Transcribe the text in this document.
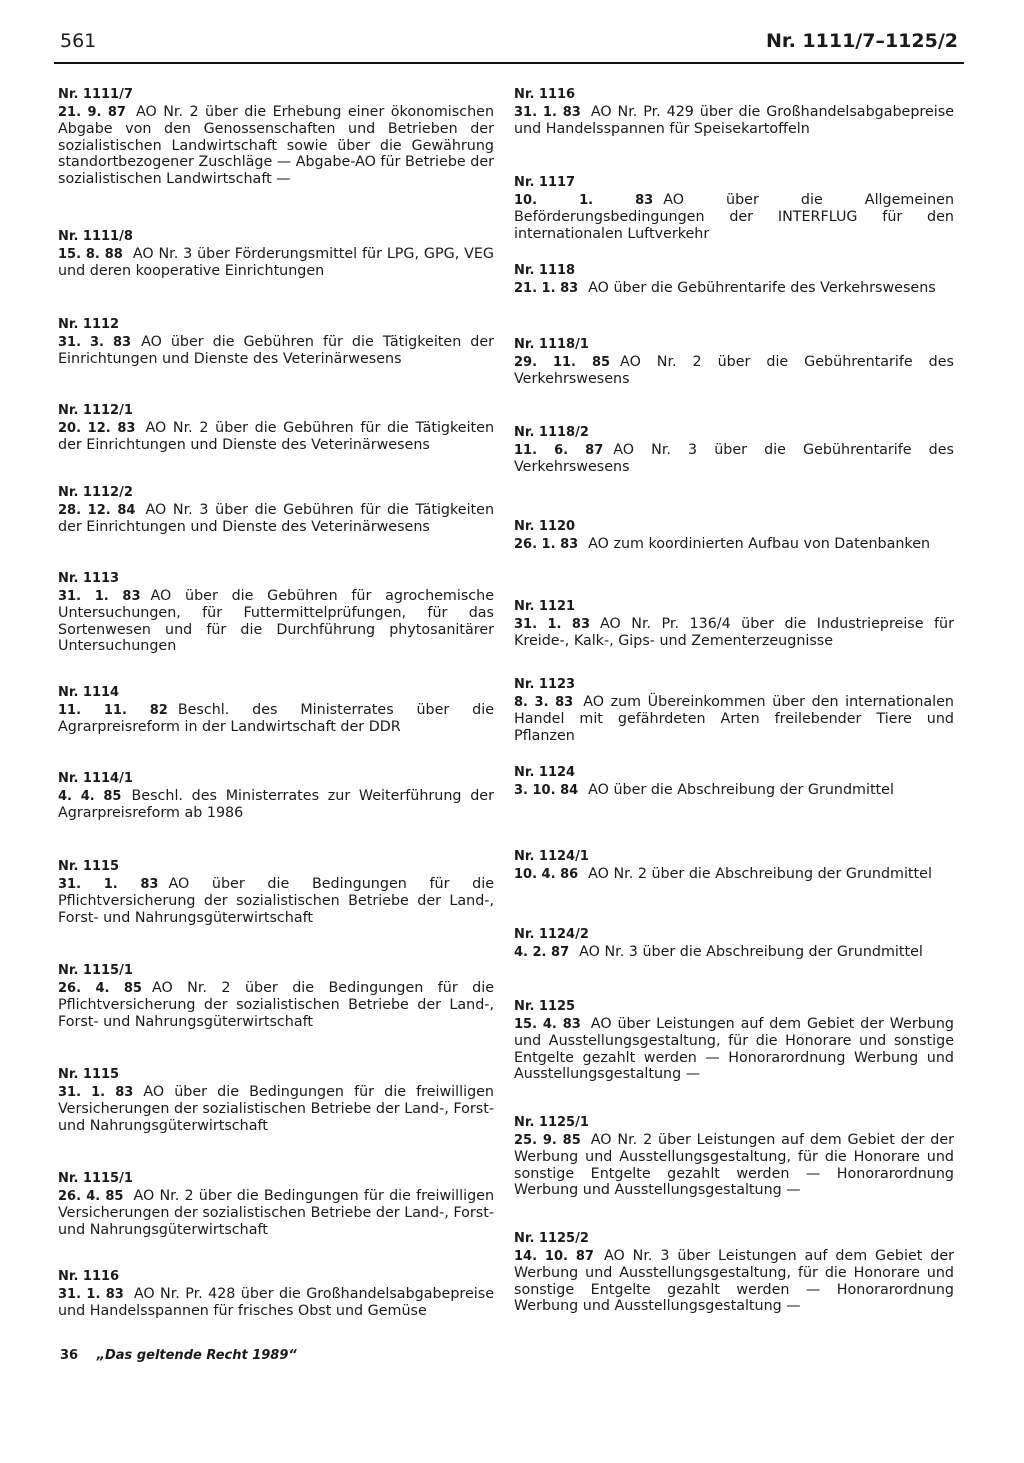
561	Nr. 1111/7–1125/2
Nr. 1111/7
21. 9. 87 AO Nr. 2 über die Erhebung einer ökonomischen Abgabe von den Genossenschaften und Betrieben der sozialistischen Landwirtschaft sowie über die Gewährung standortbezogener Zuschläge — Abgabe-AO für Betriebe der sozialistischen Landwirtschaft —
Nr. 1111/8
15. 8. 88 AO Nr. 3 über Förderungsmittel für LPG, GPG, VEG und deren kooperative Einrichtungen
Nr. 1112
31. 3. 83 AO über die Gebühren für die Tätigkeiten der Einrichtungen und Dienste des Veterinärwesens
Nr. 1112/1
20. 12. 83 AO Nr. 2 über die Gebühren für die Tätigkeiten der Einrichtungen und Dienste des Veterinärwesens
Nr. 1112/2
28. 12. 84 AO Nr. 3 über die Gebühren für die Tätigkeiten der Einrichtungen und Dienste des Veterinärwesens
Nr. 1113
31. 1. 83 AO über die Gebühren für agrochemische Untersuchungen, für Futtermittelprüfungen, für das Sortenwesen und für die Durchführung phytosanitärer Untersuchungen
Nr. 1114
11. 11. 82 Beschl. des Ministerrates über die Agrarpreisreform in der Landwirtschaft der DDR
Nr. 1114/1
4. 4. 85 Beschl. des Ministerrates zur Weiterführung der Agrarpreisreform ab 1986
Nr. 1115
31. 1. 83 AO über die Bedingungen für die Pflichtversicherung der sozialistischen Betriebe der Land-, Forst- und Nahrungsgüterwirtschaft
Nr. 1115/1
26. 4. 85 AO Nr. 2 über die Bedingungen für die Pflichtversicherung der sozialistischen Betriebe der Land-, Forst- und Nahrungsgüterwirtschaft
Nr. 1115
31. 1. 83 AO über die Bedingungen für die freiwilligen Versicherungen der sozialistischen Betriebe der Land-, Forst- und Nahrungsgüterwirtschaft
Nr. 1115/1
26. 4. 85 AO Nr. 2 über die Bedingungen für die freiwilligen Versicherungen der sozialistischen Betriebe der Land-, Forst- und Nahrungsgüterwirtschaft
Nr. 1116
31. 1. 83 AO Nr. Pr. 428 über die Großhandelsabgabepreise und Handelsspannen für frisches Obst und Gemüse
Nr. 1116
31. 1. 83 AO Nr. Pr. 429 über die Großhandelsabgabepreise und Handelsspannen für Speisekartoffeln
Nr. 1117
10. 1. 83 AO über die Allgemeinen Beförderungsbedingungen der INTERFLUG für den internationalen Luftverkehr
Nr. 1118
21. 1. 83 AO über die Gebührentarife des Verkehrswesens
Nr. 1118/1
29. 11. 85 AO Nr. 2 über die Gebührentarife des Verkehrswesens
Nr. 1118/2
11. 6. 87 AO Nr. 3 über die Gebührentarife des Verkehrswesens
Nr. 1120
26. 1. 83 AO zum koordinierten Aufbau von Datenbanken
Nr. 1121
31. 1. 83 AO Nr. Pr. 136/4 über die Industriepreise für Kreide-, Kalk-, Gips- und Zementerzeugnisse
Nr. 1123
8. 3. 83 AO zum Übereinkommen über den internationalen Handel mit gefährdeten Arten freilebender Tiere und Pflanzen
Nr. 1124
3. 10. 84 AO über die Abschreibung der Grundmittel
Nr. 1124/1
10. 4. 86 AO Nr. 2 über die Abschreibung der Grundmittel
Nr. 1124/2
4. 2. 87 AO Nr. 3 über die Abschreibung der Grundmittel
Nr. 1125
15. 4. 83 AO über Leistungen auf dem Gebiet der Werbung und Ausstellungsgestaltung, für die Honorare und sonstige Entgelte gezahlt werden — Honorarordnung Werbung und Ausstellungsgestaltung —
Nr. 1125/1
25. 9. 85 AO Nr. 2 über Leistungen auf dem Gebiet der der Werbung und Ausstellungsgestaltung, für die Honorare und sonstige Entgelte gezahlt werden — Honorarordnung Werbung und Ausstellungsgestaltung —
Nr. 1125/2
14. 10. 87 AO Nr. 3 über Leistungen auf dem Gebiet der Werbung und Ausstellungsgestaltung, für die Honorare und sonstige Entgelte gezahlt werden — Honorarordnung Werbung und Ausstellungsgestaltung —
36 „Das geltende Recht 1989“
